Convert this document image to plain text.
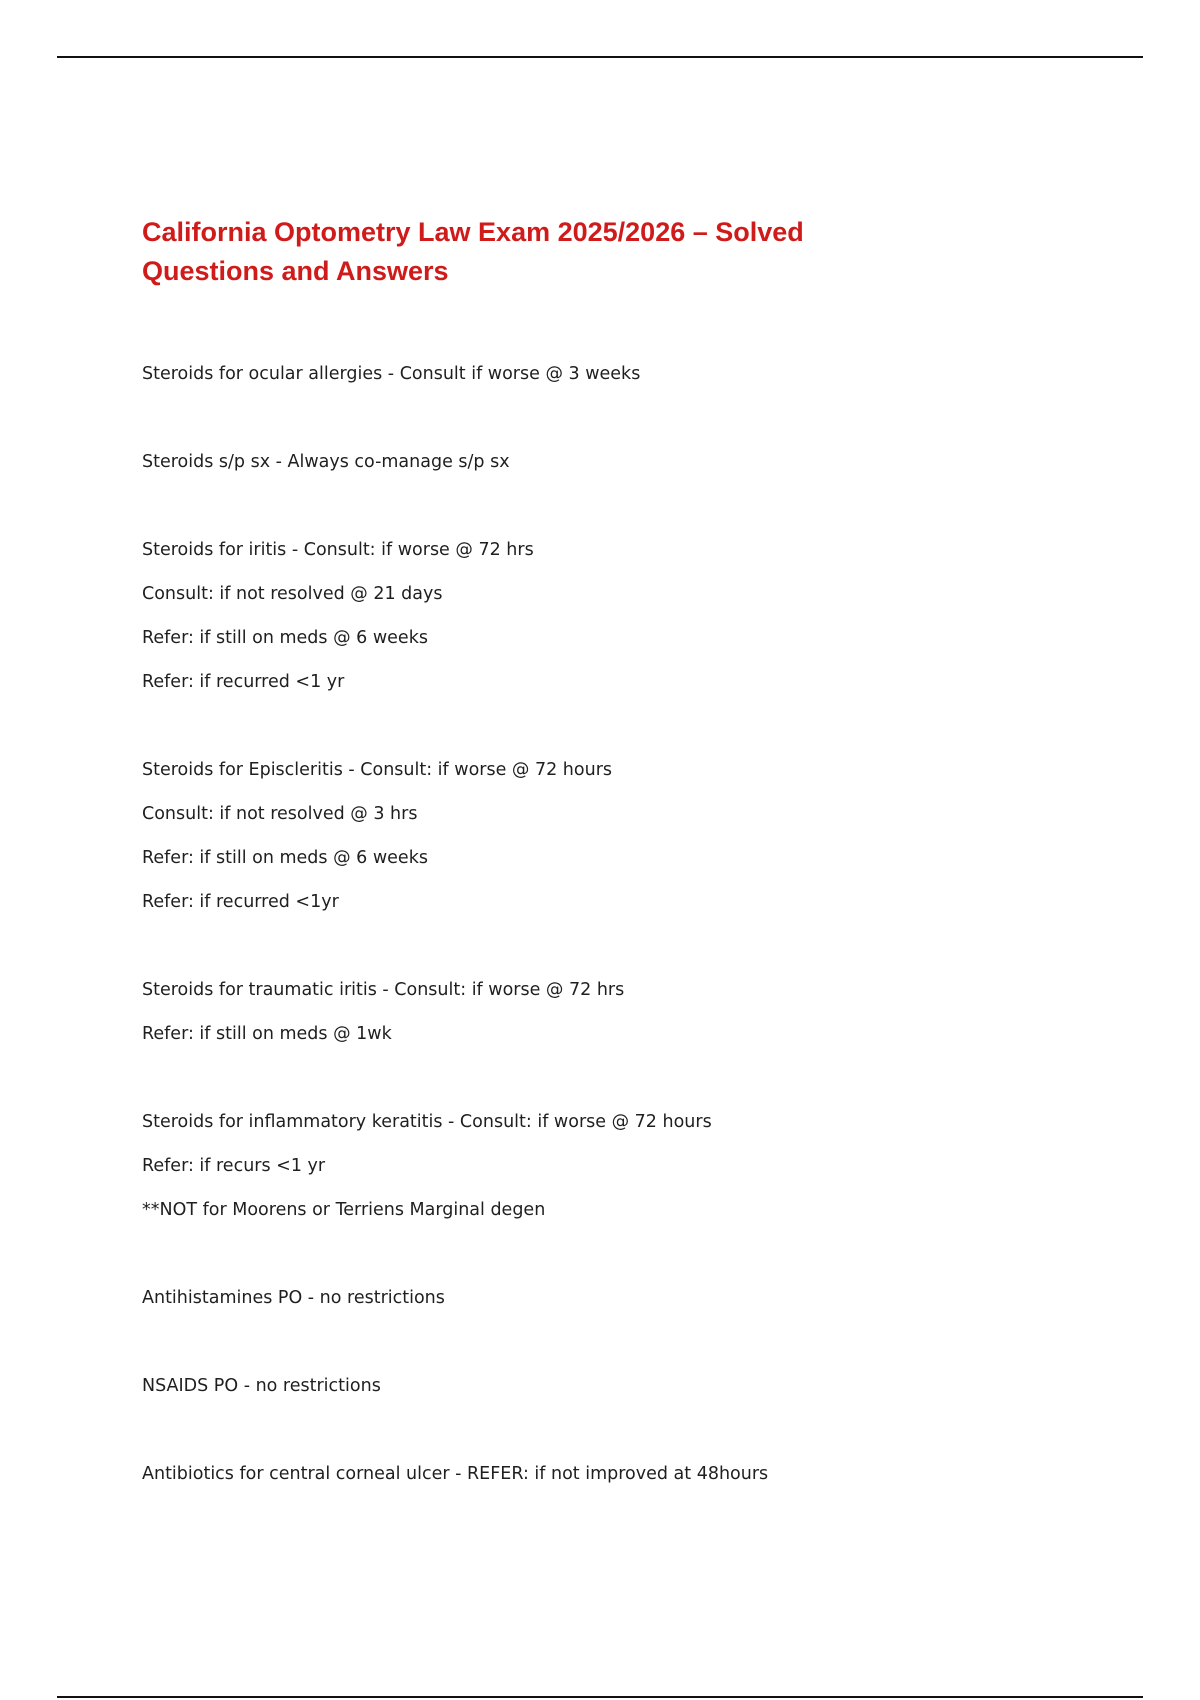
California Optometry Law Exam 2025/2026 – Solved
Questions and Answers
Steroids for ocular allergies - Consult if worse @ 3 weeks
Steroids s/p sx - Always co-manage s/p sx
Steroids for iritis - Consult: if worse @ 72 hrs
Consult: if not resolved @ 21 days
Refer: if still on meds @ 6 weeks
Refer: if recurred <1 yr
Steroids for Episcleritis - Consult: if worse @ 72 hours
Consult: if not resolved @ 3 hrs
Refer: if still on meds @ 6 weeks
Refer: if recurred <1yr
Steroids for traumatic iritis - Consult: if worse @ 72 hrs
Refer: if still on meds @ 1wk
Steroids for inflammatory keratitis - Consult: if worse @ 72 hours
Refer: if recurs <1 yr
**NOT for Moorens or Terriens Marginal degen
Antihistamines PO - no restrictions
NSAIDS PO - no restrictions
Antibiotics for central corneal ulcer - REFER: if not improved at 48hours
